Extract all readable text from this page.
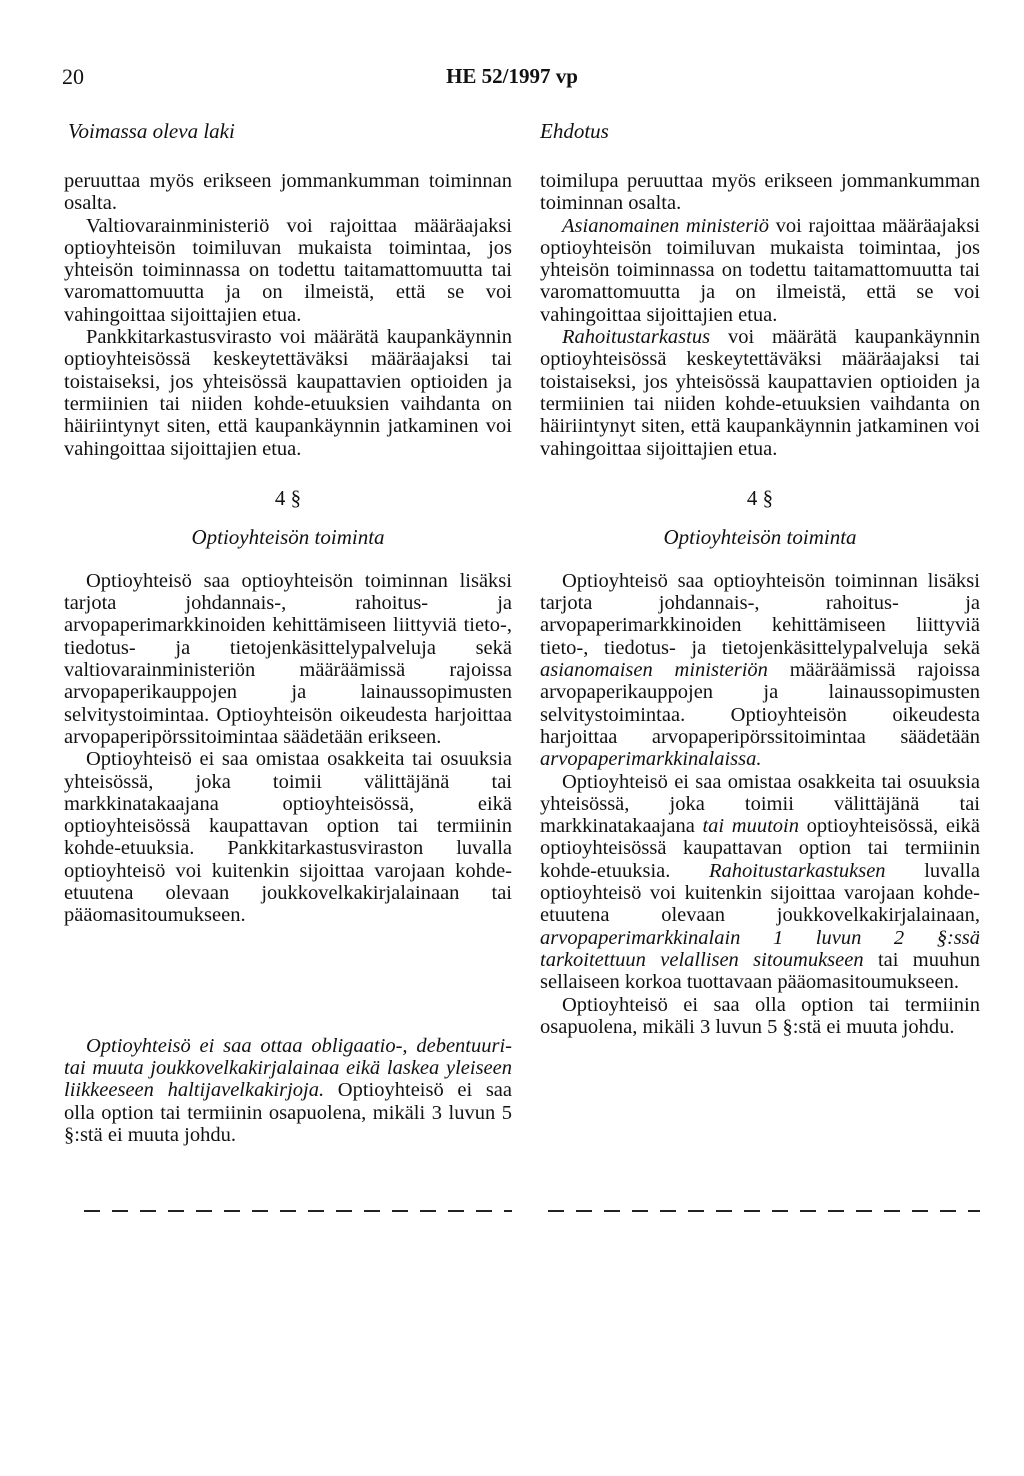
20	HE 52/1997 vp
Voimassa oleva laki

peruuttaa myös erikseen jommankumman toiminnan osalta.

Valtiovarainministeriö voi rajoittaa määräajaksi optioyhteisön toimiluvan mukaista toimintaa, jos yhteisön toiminnassa on todettu taitamattomuutta tai varomattomuutta ja on ilmeistä, että se voi vahingoittaa sijoittajien etua.

Pankkitarkastusvirasto voi määrätä kaupankäynnin optioyhteisössä keskeytettäväksi määräajaksi tai toistaiseksi, jos yhteisössä kaupattavien optioiden ja termiinien tai niiden kohde-etuuksien vaihdanta on häiriintynyt siten, että kaupankäynnin jatkaminen voi vahingoittaa sijoittajien etua.

4 §
Optioyhteisön toiminta

Optioyhteisö saa optioyhteisön toiminnan lisäksi tarjota johdannais-, rahoitus- ja arvopaperimarkkinoiden kehittämiseen liittyviä tieto-, tiedotus- ja tietojenkäsittelypalveluja sekä valtiovarainministeriön määräämissä rajoissa arvopaperikauppojen ja lainaussopimusten selvitystoimintaa. Optioyhteisön oikeudesta harjoittaa arvopaperipörssitoimintaa säädetään erikseen.

Optioyhteisö ei saa omistaa osakkeita tai osuuksia yhteisössä, joka toimii välittäjänä tai markkinatakaajana optioyhteisössä, eikä optioyhteisössä kaupattavan option tai termiinin kohde-etuuksia. Pankkitarkastusviraston luvalla optioyhteisö voi kuitenkin sijoittaa varojaan kohde-etuutena olevaan joukkovelkakirjalainaan tai pääomasitoumukseen.

Optioyhteisö ei saa ottaa obligaatio-, debentuuri- tai muuta joukkovelkakirjalainaa eikä laskea yleiseen liikkeeseen haltijavelkakirjoja. Optioyhteisö ei saa olla option tai termiinin osapuolena, mikäli 3 luvun 5 §:stä ei muuta johdu.

Ehdotus

toimilupa peruuttaa myös erikseen jommankumman toiminnan osalta.

Asianomainen ministeriö voi rajoittaa määräajaksi optioyhteisön toimiluvan mukaista toimintaa, jos yhteisön toiminnassa on todettu taitamattomuutta tai varomattomuutta ja on ilmeistä, että se voi vahingoittaa sijoittajien etua.

Rahoitustarkastus voi määrätä kaupankäynnin optioyhteisössä keskeytettäväksi määräajaksi tai toistaiseksi, jos yhteisössä kaupattavien optioiden ja termiinien tai niiden kohde-etuuksien vaihdanta on häiriintynyt siten, että kaupankäynnin jatkaminen voi vahingoittaa sijoittajien etua.

4 §
Optioyhteisön toiminta

Optioyhteisö saa optioyhteisön toiminnan lisäksi tarjota johdannais-, rahoitus- ja arvopaperimarkkinoiden kehittämiseen liittyviä tieto-, tiedotus- ja tietojenkäsittelypalveluja sekä asianomaisen ministeriön määräämissä rajoissa arvopaperikauppojen ja lainaussopimusten selvitystoimintaa. Optioyhteisön oikeudesta harjoittaa arvopaperipörssitoimintaa säädetään arvopaperimarkkinalaissa.

Optioyhteisö ei saa omistaa osakkeita tai osuuksia yhteisössä, joka toimii välittäjänä tai markkinatakaajana tai muutoin optioyhteisössä, eikä optioyhteisössä kaupattavan option tai termiinin kohde-etuuksia. Rahoitustarkastuksen luvalla optioyhteisö voi kuitenkin sijoittaa varojaan kohde-etuutena olevaan joukkovelkakirjalainaan, arvopaperimarkkinalain 1 luvun 2 §:ssä tarkoitettuun velallisen sitoumukseen tai muuhun sellaiseen korkoa tuottavaan pääomasitoumukseen.

Optioyhteisö ei saa olla option tai termiinin osapuolena, mikäli 3 luvun 5 §:stä ei muuta johdu.
